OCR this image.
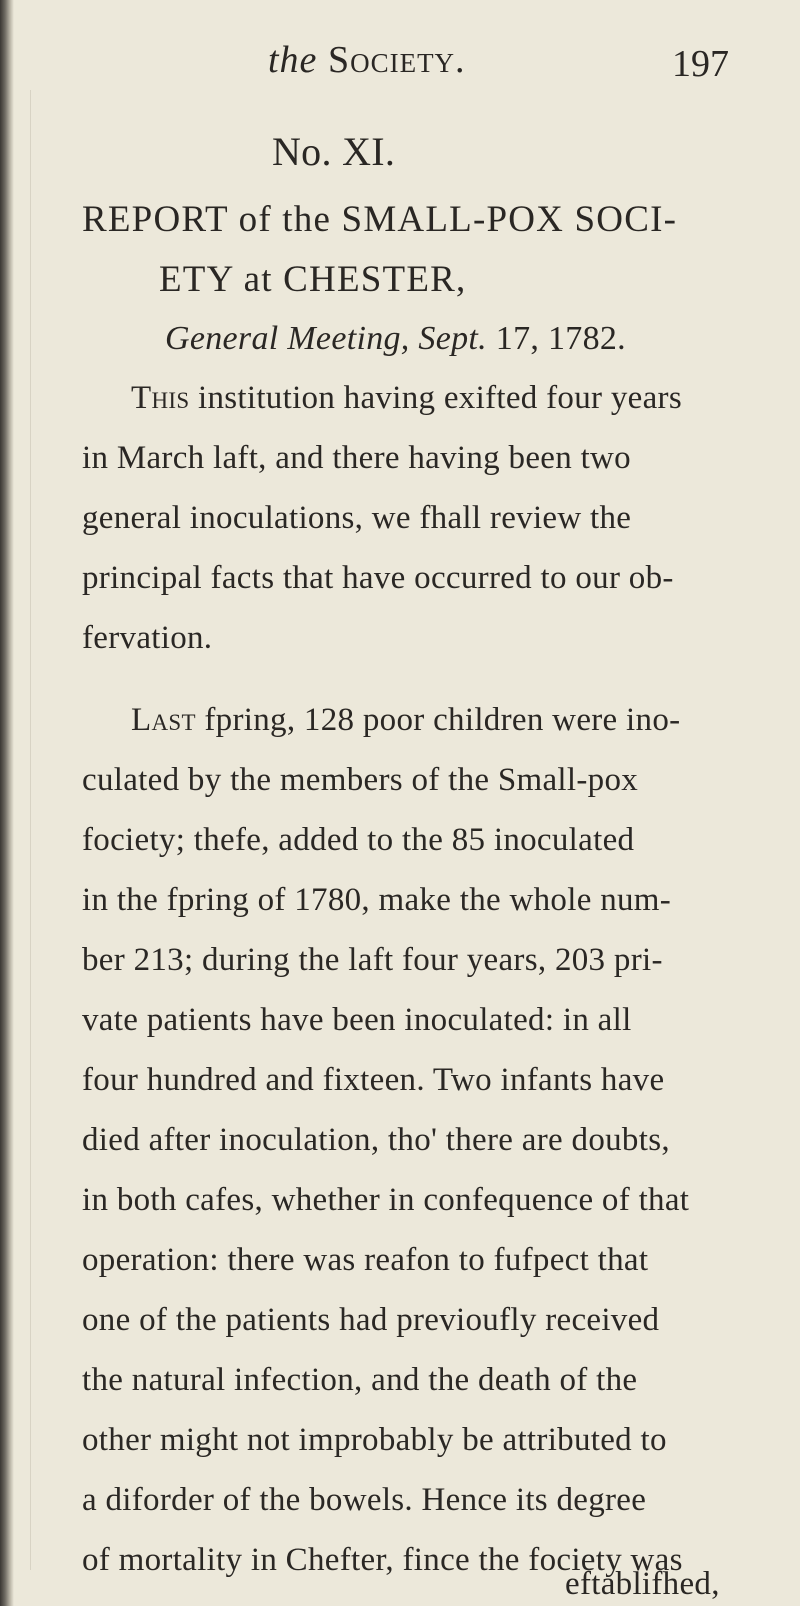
the Society.	197
No. XI.
REPORT of the SMALL-POX SOCI-
ETY at CHESTER,
General Meeting, Sept. 17, 1782.
This institution having exifted four years
in March laft, and there having been two
general inoculations, we fhall review the
principal facts that have occurred to our ob-
fervation.
Last fpring, 128 poor children were ino-
culated by the members of the Small-pox
fociety; thefe, added to the 85 inoculated
in the fpring of 1780, make the whole num-
ber 213; during the laft four years, 203 pri-
vate patients have been inoculated: in all
four hundred and fixteen. Two infants have
died after inoculation, tho' there are doubts,
in both cafes, whether in confequence of that
operation: there was reafon to fufpect that
one of the patients had previoufly received
the natural infection, and the death of the
other might not improbably be attributed to
a diforder of the bowels. Hence its degree
of mortality in Chefter, fince the fociety was
eftablifhed,
